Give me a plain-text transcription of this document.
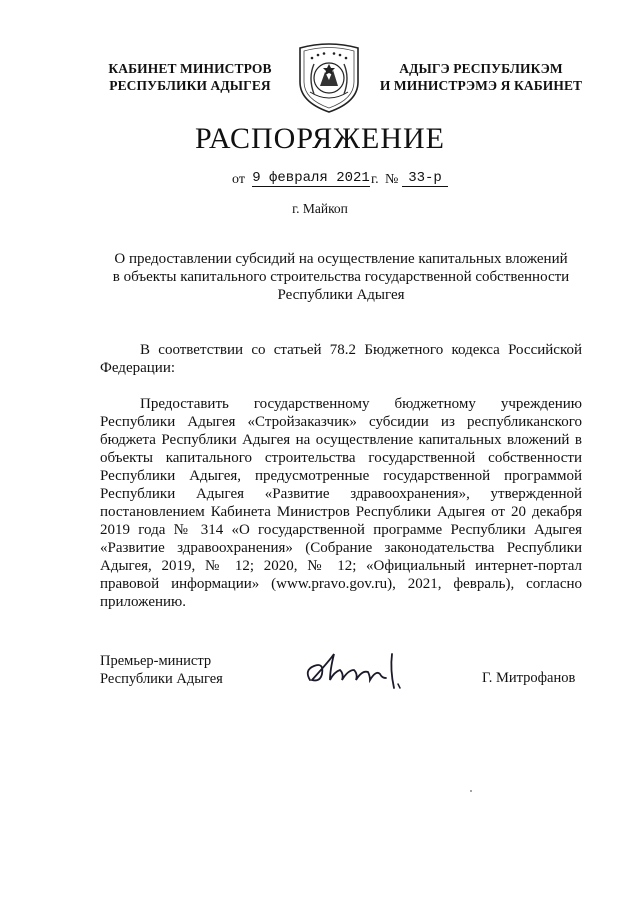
КАБИНЕТ МИНИСТРОВ
РЕСПУБЛИКИ АДЫГЕЯ
АДЫГЭ РЕСПУБЛИКЭМ
И МИНИСТРЭМЭ Я КАБИНЕТ
РАСПОРЯЖЕНИЕ
от 9 февраля 2021 г. № 33-р
г. Майкоп
О предоставлении субсидий на осуществление капитальных вложений
в объекты капитального строительства государственной собственности
Республики Адыгея
В соответствии со статьей 78.2 Бюджетного кодекса Российской Федерации:
Предоставить государственному бюджетному учреждению Республики Адыгея «Стройзаказчик» субсидии из республиканского бюджета Республики Адыгея на осуществление капитальных вложений в объекты капитального строительства государственной собственности Республики Адыгея, предусмотренные государственной программой Республики Адыгея «Развитие здравоохранения», утвержденной постановлением Кабинета Министров Республики Адыгея от 20 декабря 2019 года № 314 «О государственной программе Республики Адыгея «Развитие здравоохранения» (Собрание законодательства Республики Адыгея, 2019, № 12; 2020, № 12; «Официальный интернет-портал правовой информации» (www.pravo.gov.ru), 2021, февраль), согласно приложению.
Премьер-министр
Республики Адыгея	Г. Митрофанов
